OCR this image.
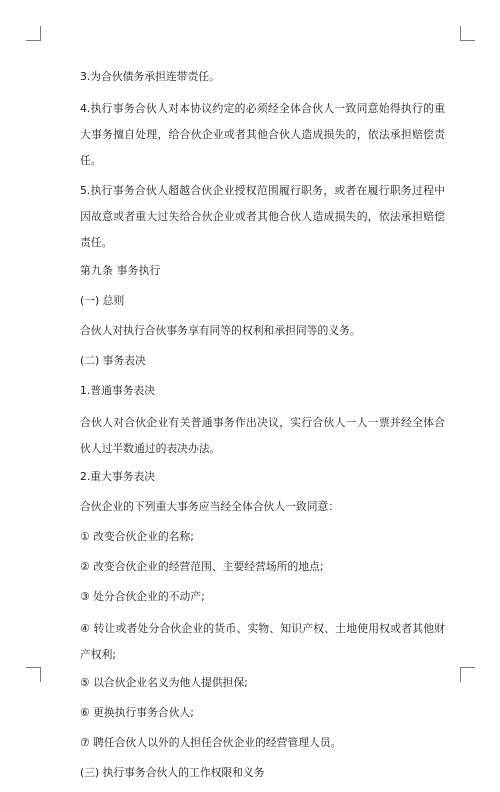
3.为合伙债务承担连带责任。

4.执行事务合伙人对本协议约定的必须经全体合伙人一致同意始得执行的重大事务擅自处理，给合伙企业或者其他合伙人造成损失的，依法承担赔偿责任。

5.执行事务合伙人超越合伙企业授权范围履行职务，或者在履行职务过程中因故意或者重大过失给合伙企业或者其他合伙人造成损失的，依法承担赔偿责任。

第九条 事务执行

(一) 总则

合伙人对执行合伙事务享有同等的权利和承担同等的义务。

(二) 事务表决

1.普通事务表决

合伙人对合伙企业有关普通事务作出决议，实行合伙人一人一票并经全体合伙人过半数通过的表决办法。

2.重大事务表决

合伙企业的下列重大事务应当经全体合伙人一致同意：

① 改变合伙企业的名称;

② 改变合伙企业的经营范围、主要经营场所的地点;

③ 处分合伙企业的不动产;

④ 转让或者处分合伙企业的货币、实物、知识产权、土地使用权或者其他财产权利;

⑤ 以合伙企业名义为他人提供担保;

⑥ 更换执行事务合伙人;

⑦ 聘任合伙人以外的人担任合伙企业的经营管理人员。

(三) 执行事务合伙人的工作权限和义务
